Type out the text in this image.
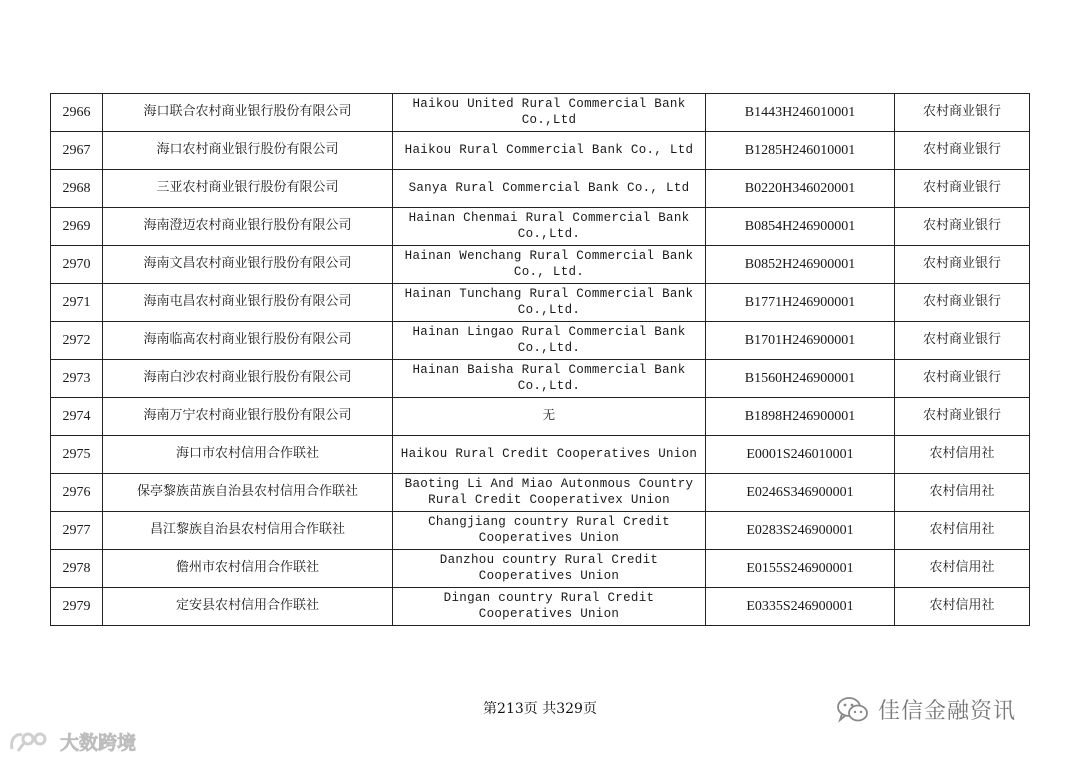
2966	海口联合农村商业银行股份有限公司	Haikou United Rural Commercial Bank Co.,Ltd	B1443H246010001	农村商业银行
2967	海口农村商业银行股份有限公司	Haikou Rural Commercial Bank Co., Ltd	B1285H246010001	农村商业银行
2968	三亚农村商业银行股份有限公司	Sanya Rural Commercial Bank Co., Ltd	B0220H346020001	农村商业银行
2969	海南澄迈农村商业银行股份有限公司	Hainan Chenmai Rural Commercial Bank Co.,Ltd.	B0854H246900001	农村商业银行
2970	海南文昌农村商业银行股份有限公司	Hainan Wenchang Rural Commercial Bank Co., Ltd.	B0852H246900001	农村商业银行
2971	海南屯昌农村商业银行股份有限公司	Hainan Tunchang Rural Commercial Bank Co.,Ltd.	B1771H246900001	农村商业银行
2972	海南临高农村商业银行股份有限公司	Hainan Lingao Rural Commercial Bank Co.,Ltd.	B1701H246900001	农村商业银行
2973	海南白沙农村商业银行股份有限公司	Hainan Baisha Rural Commercial Bank Co.,Ltd.	B1560H246900001	农村商业银行
2974	海南万宁农村商业银行股份有限公司	无	B1898H246900001	农村商业银行
2975	海口市农村信用合作联社	Haikou Rural Credit Cooperatives Union	E0001S246010001	农村信用社
2976	保亭黎族苗族自治县农村信用合作联社	Baoting Li And Miao Autonmous Country Rural Credit Cooperativex Union	E0246S346900001	农村信用社
2977	昌江黎族自治县农村信用合作联社	Changjiang country Rural Credit Cooperatives Union	E0283S246900001	农村信用社
2978	儋州市农村信用合作联社	Danzhou country Rural Credit Cooperatives Union	E0155S246900001	农村信用社
2979	定安县农村信用合作联社	Dingan country Rural Credit Cooperatives Union	E0335S246900001	农村信用社
第213页 共329页	佳信金融资讯
大数跨境
